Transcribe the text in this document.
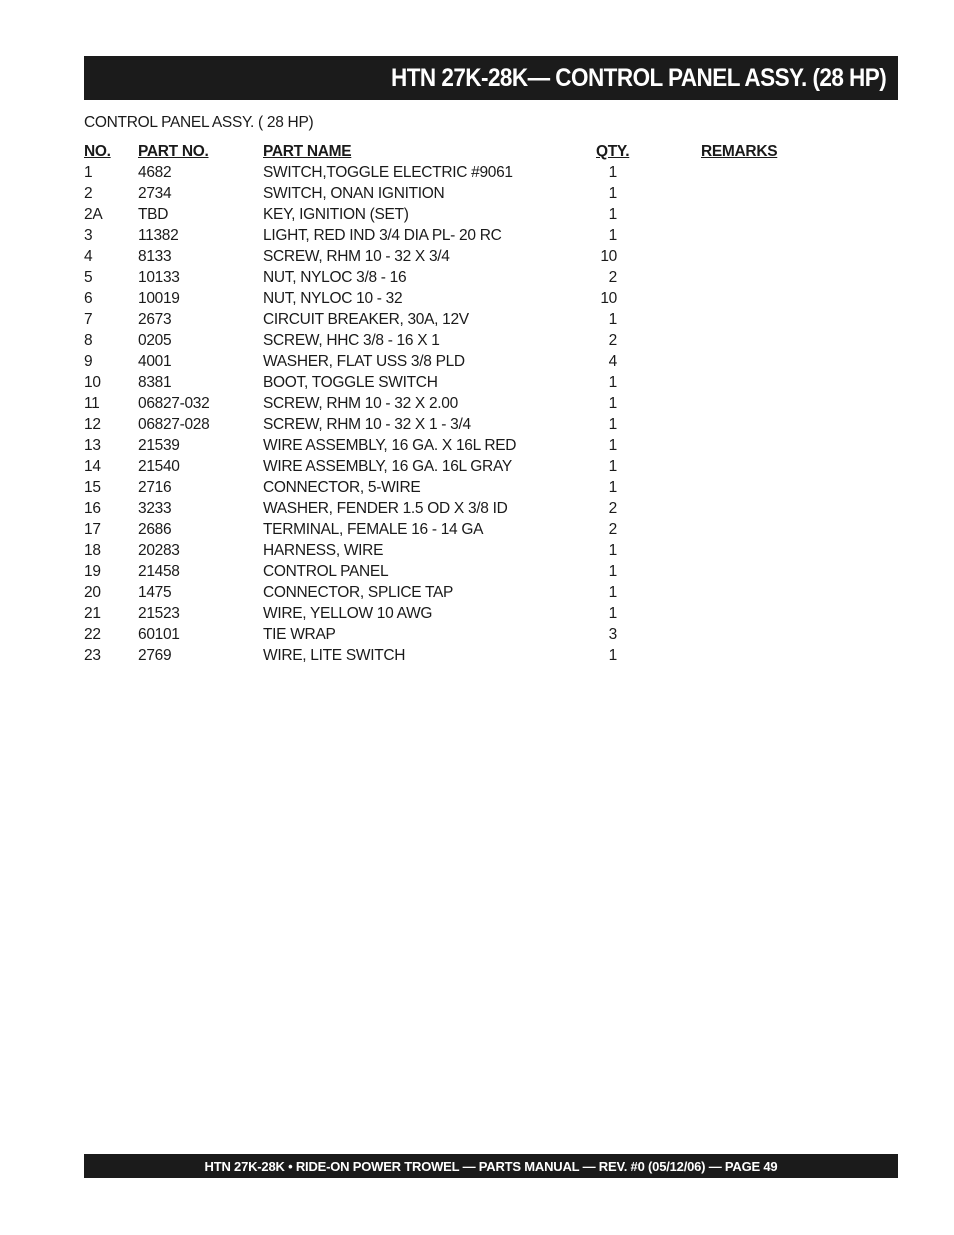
HTN 27K-28K— CONTROL PANEL ASSY. (28 HP)
CONTROL PANEL ASSY. ( 28 HP)
NO. PART NO.	PART NAME	QTY.	REMARKS
1	4682	SWITCH,TOGGLE ELECTRIC #9061	1
2	2734	SWITCH, ONAN IGNITION	1
2A TBD	KEY, IGNITION (SET)	1
3	11382	LIGHT, RED IND 3/4 DIA PL- 20 RC	1
4	8133	SCREW, RHM 10 - 32 X 3/4	10
5	10133	NUT, NYLOC 3/8 - 16	2
6	10019	NUT, NYLOC 10 - 32	10
7	2673	CIRCUIT BREAKER, 30A, 12V	1
8	0205	SCREW, HHC 3/8 - 16 X 1	2
9	4001	WASHER, FLAT USS 3/8 PLD	4
10 8381	BOOT, TOGGLE SWITCH	1
11 06827-032	SCREW, RHM 10 - 32 X 2.00	1
12 06827-028	SCREW, RHM 10 - 32 X 1 - 3/4	1
13 21539	WIRE ASSEMBLY, 16 GA. X 16L RED	1
14 21540	WIRE ASSEMBLY, 16 GA. 16L GRAY	1
15 2716	CONNECTOR, 5-WIRE	1
16 3233	WASHER, FENDER 1.5 OD X 3/8 ID	2
17 2686	TERMINAL, FEMALE 16 - 14 GA	2
18 20283	HARNESS, WIRE	1
19 21458	CONTROL PANEL	1
20 1475	CONNECTOR, SPLICE TAP	1
21 21523	WIRE, YELLOW 10 AWG	1
22 60101	TIE WRAP	3
23 2769	WIRE, LITE SWITCH	1
HTN 27K-28K • RIDE-ON POWER TROWEL — PARTS MANUAL — REV. #0 (05/12/06) — PAGE 49
